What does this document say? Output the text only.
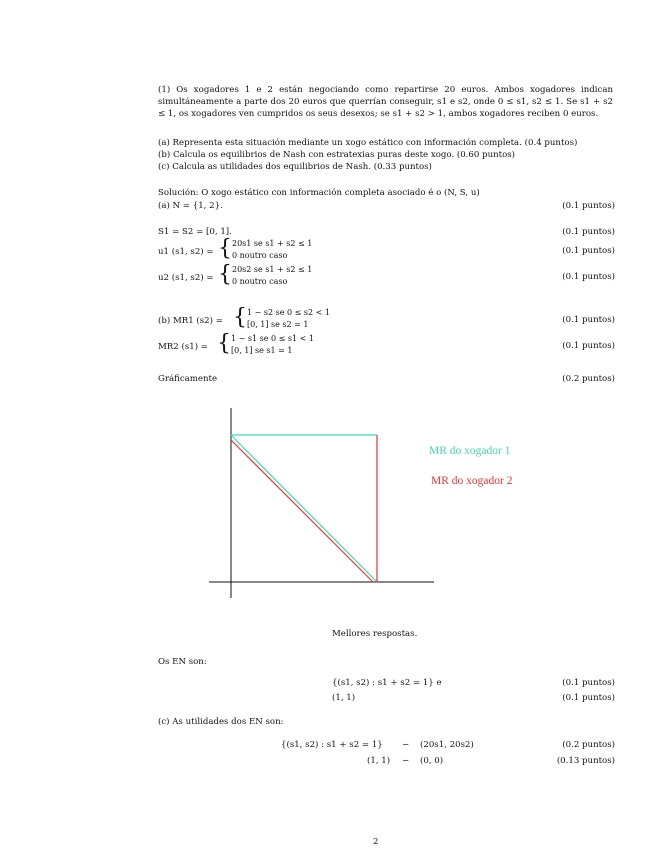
(1) Os xogadores 1 e 2 están negociando como repartirse 20 euros. Ambos xogadores indican simultáneamente a parte dos 20 euros que querrían conseguir, s1 e s2, onde 0 ≤ s1, s2 ≤ 1. Se s1 + s2 ≤ 1, os xogadores ven cumpridos os seus desexos; se s1 + s2 > 1, ambos xogadores reciben 0 euros.
(a) Representa esta situación mediante un xogo estático con información completa. (0.4 puntos)
(b) Calcula os equilibrios de Nash con estratexias puras deste xogo. (0.60 puntos)
(c) Calcula as utilidades dos equilibrios de Nash. (0.33 puntos)
Solución: O xogo estático con información completa asociado é o (N, S, u)
(a) N = {1, 2}.	(0.1 puntos)
S1 = S2 = [0, 1].	(0.1 puntos)
u1 (s1, s2) = { 20s1 se s1 + s2 ≤ 1
0 noutro caso	(0.1 puntos)
u2 (s1, s2) = { 20s2 se s1 + s2 ≤ 1
0 noutro caso	(0.1 puntos)
(b) MR1 (s2) = { 1 − s2 se 0 ≤ s2 < 1
[0, 1] se s2 = 1	(0.1 puntos)
MR2 (s1) = { 1 − s1 se 0 ≤ s1 < 1
[0, 1] se s1 = 1	(0.1 puntos)
Gráficamente	(0.2 puntos)
MR do xogador 1
MR do xogador 2
Mellores respostas.
Os EN son:
{(s1, s2) : s1 + s2 = 1} e	(0.1 puntos)
(1, 1)	(0.1 puntos)
(c) As utilidades dos EN son:
{(s1, s2) : s1 + s2 = 1} − (20s1, 20s2)	(0.2 puntos)
(1, 1) − (0, 0)	(0.13 puntos)
2
